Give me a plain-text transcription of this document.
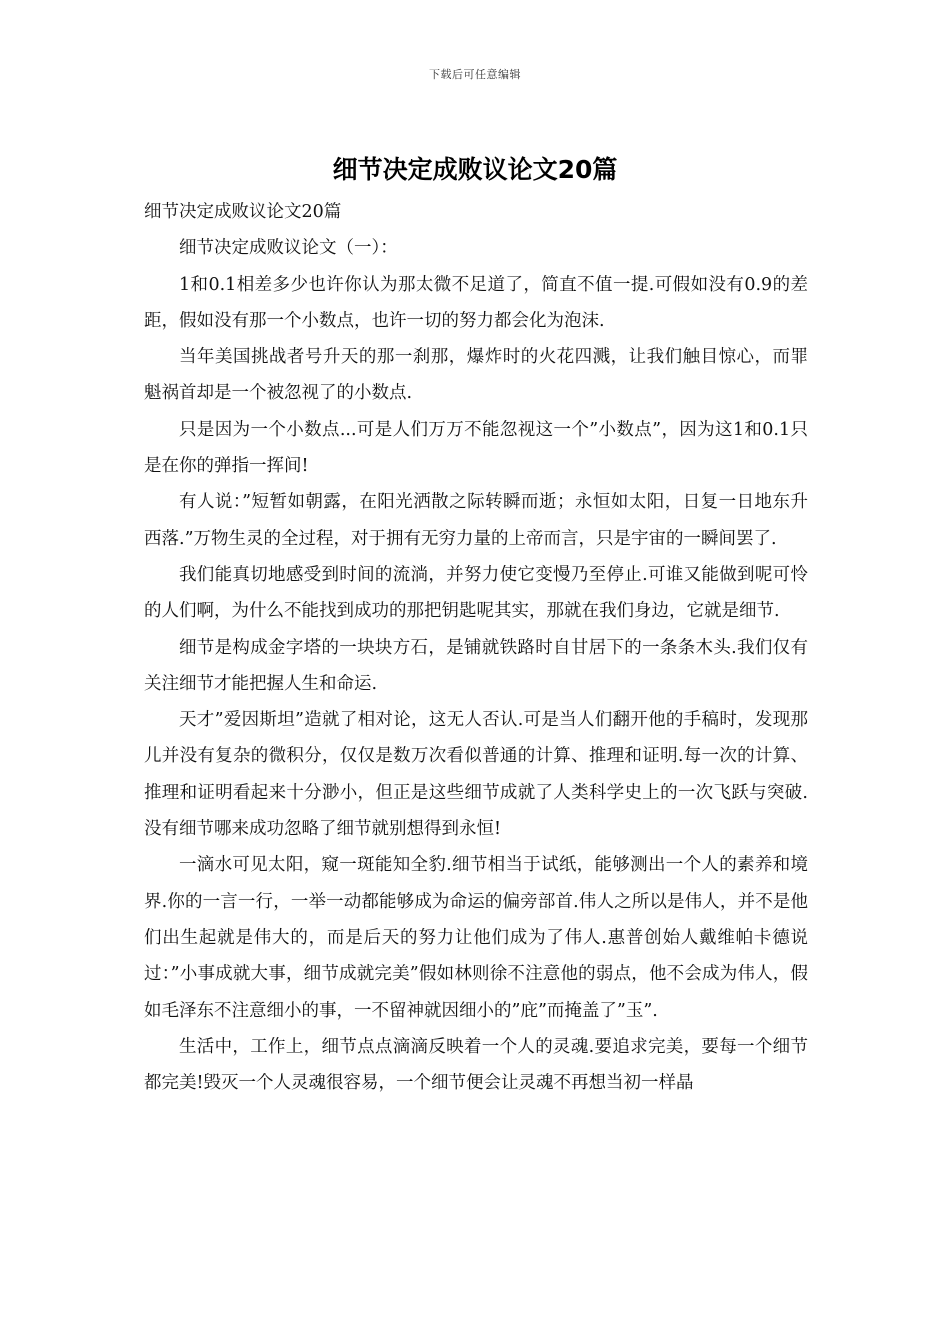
下载后可任意编辑
细节决定成败议论文20篇

细节决定成败议论文20篇

细节决定成败议论文（一）：

1和0.1相差多少也许你认为那太微不足道了，简直不值一提.可假如没有0.9的差距，假如没有那一个小数点，也许一切的努力都会化为泡沫.

当年美国挑战者号升天的那一刹那，爆炸时的火花四溅，让我们触目惊心，而罪魁祸首却是一个被忽视了的小数点.

只是因为一个小数点...可是人们万万不能忽视这一个”小数点”，因为这1和0.1只是在你的弹指一挥间!

有人说：”短暂如朝露，在阳光洒散之际转瞬而逝；永恒如太阳，日复一日地东升西落.”万物生灵的全过程，对于拥有无穷力量的上帝而言，只是宇宙的一瞬间罢了.

我们能真切地感受到时间的流淌，并努力使它变慢乃至停止.可谁又能做到呢可怜的人们啊，为什么不能找到成功的那把钥匙呢其实，那就在我们身边，它就是细节.

细节是构成金字塔的一块块方石，是铺就铁路时自甘居下的一条条木头.我们仅有关注细节才能把握人生和命运.

天才”爱因斯坦”造就了相对论，这无人否认.可是当人们翻开他的手稿时，发现那儿并没有复杂的微积分，仅仅是数万次看似普通的计算、推理和证明.每一次的计算、推理和证明看起来十分渺小，但正是这些细节成就了人类科学史上的一次飞跃与突破.没有细节哪来成功忽略了细节就别想得到永恒!

一滴水可见太阳，窥一斑能知全豹.细节相当于试纸，能够测出一个人的素养和境界.你的一言一行，一举一动都能够成为命运的偏旁部首.伟人之所以是伟人，并不是他们出生起就是伟大的，而是后天的努力让他们成为了伟人.惠普创始人戴维帕卡德说过：”小事成就大事，细节成就完美”假如林则徐不注意他的弱点，他不会成为伟人，假如毛泽东不注意细小的事，一不留神就因细小的”庇”而掩盖了”玉”.

生活中，工作上，细节点点滴滴反映着一个人的灵魂.要追求完美，要每一个细节都完美!毁灭一个人灵魂很容易，一个细节便会让灵魂不再想当初一样晶
